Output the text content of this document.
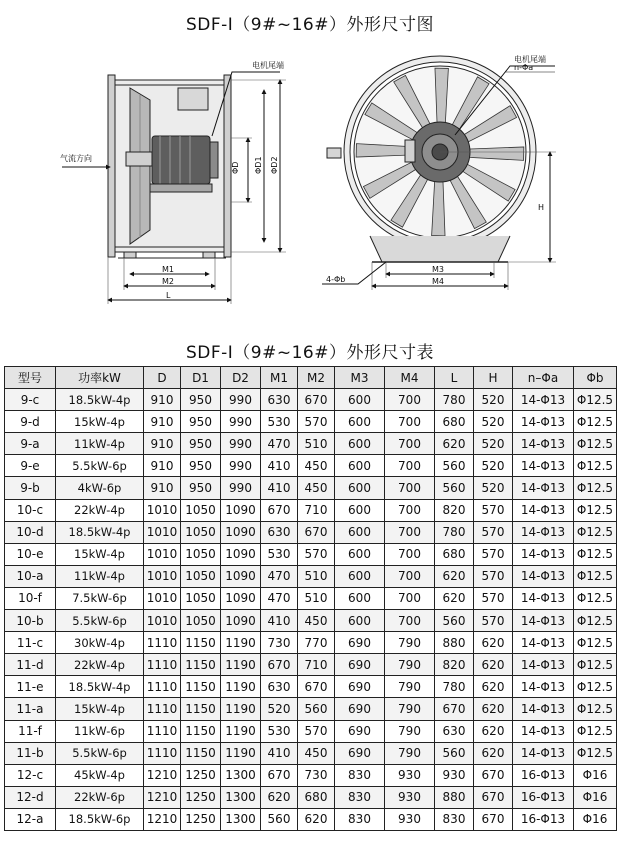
SDF-I（9#~16#）外形尺寸图
电机尾端
气流方向
ΦD ΦD1 ΦD2
M1
M2
L
电机尾端
n-Φa
H
M3
M4
4-Φb
SDF-I（9#~16#）外形尺寸表
型号	功率kW	D	D1	D2	M1	M2	M3	M4	L	H	n–Φa	Φb
9-c	18.5kW-4p	910	950	990	630	670	600	700	780	520	14-Φ13	Φ12.5
9-d	15kW-4p	910	950	990	530	570	600	700	680	520	14-Φ13	Φ12.5
9-a	11kW-4p	910	950	990	470	510	600	700	620	520	14-Φ13	Φ12.5
9-e	5.5kW-6p	910	950	990	410	450	600	700	560	520	14-Φ13	Φ12.5
9-b	4kW-6p	910	950	990	410	450	600	700	560	520	14-Φ13	Φ12.5
10-c	22kW-4p	1010	1050	1090	670	710	600	700	820	570	14-Φ13	Φ12.5
10-d	18.5kW-4p	1010	1050	1090	630	670	600	700	780	570	14-Φ13	Φ12.5
10-e	15kW-4p	1010	1050	1090	530	570	600	700	680	570	14-Φ13	Φ12.5
10-a	11kW-4p	1010	1050	1090	470	510	600	700	620	570	14-Φ13	Φ12.5
10-f	7.5kW-6p	1010	1050	1090	470	510	600	700	620	570	14-Φ13	Φ12.5
10-b	5.5kW-6p	1010	1050	1090	410	450	600	700	560	570	14-Φ13	Φ12.5
11-c	30kW-4p	1110	1150	1190	730	770	690	790	880	620	14-Φ13	Φ12.5
11-d	22kW-4p	1110	1150	1190	670	710	690	790	820	620	14-Φ13	Φ12.5
11-e	18.5kW-4p	1110	1150	1190	630	670	690	790	780	620	14-Φ13	Φ12.5
11-a	15kW-4p	1110	1150	1190	520	560	690	790	670	620	14-Φ13	Φ12.5
11-f	11kW-6p	1110	1150	1190	530	570	690	790	630	620	14-Φ13	Φ12.5
11-b	5.5kW-6p	1110	1150	1190	410	450	690	790	560	620	14-Φ13	Φ12.5
12-c	45kW-4p	1210	1250	1300	670	730	830	930	930	670	16-Φ13	Φ16
12-d	22kW-6p	1210	1250	1300	620	680	830	930	880	670	16-Φ13	Φ16
12-a	18.5kW-6p	1210	1250	1300	560	620	830	930	830	670	16-Φ13	Φ16
